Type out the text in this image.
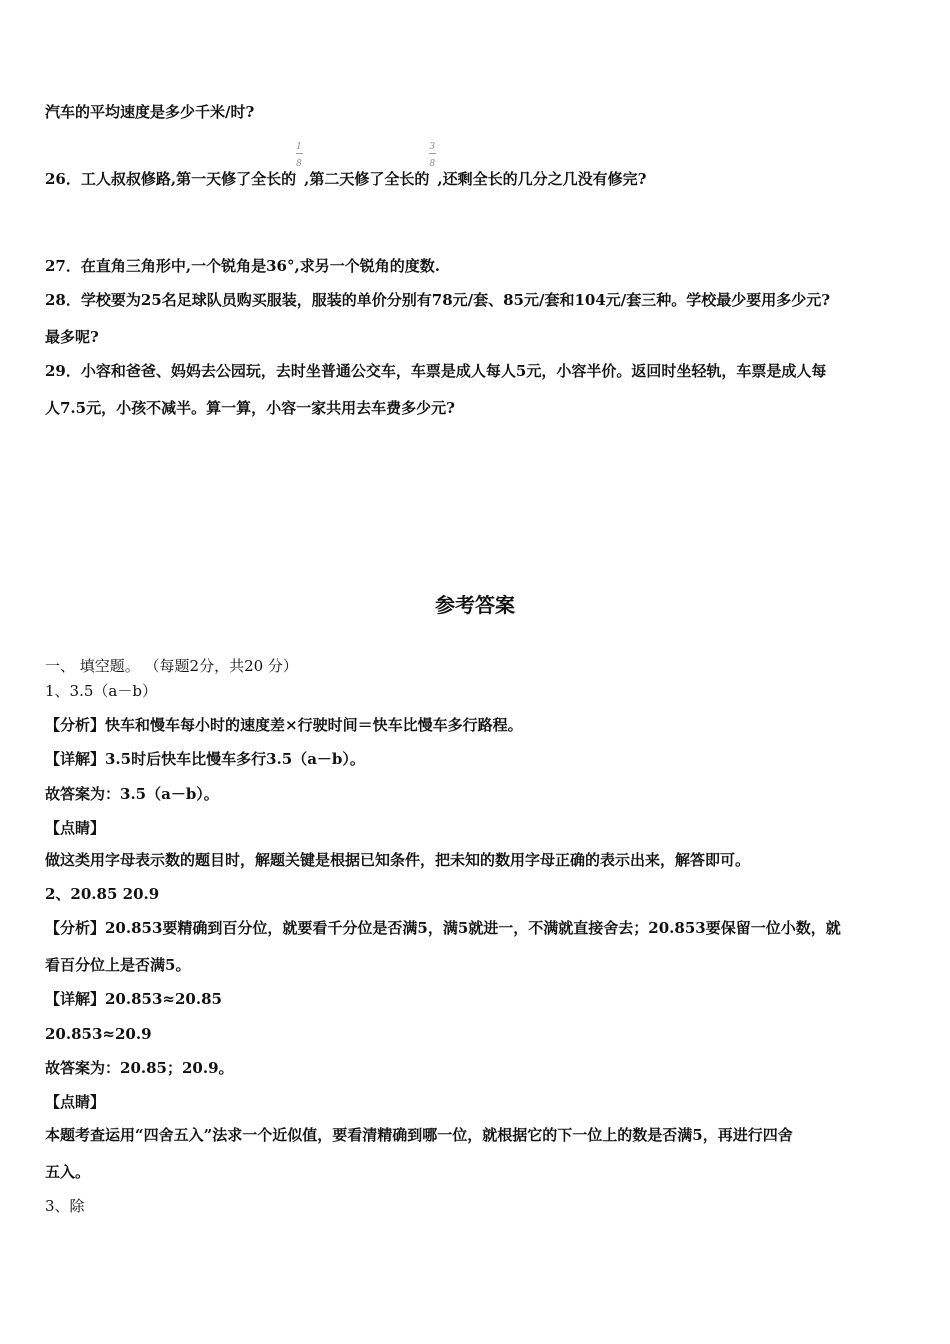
汽车的平均速度是多少千米/时?
26．工人叔叔修路,第一天修了全长的 $\frac{1}{8}$ ,第二天修了全长的 $\frac{3}{8}$ ,还剩全长的几分之几没有修完?
27．在直角三角形中,一个锐角是36°,求另一个锐角的度数.
28．学校要为25名足球队员购买服装，服装的单价分别有78元/套、85元/套和104元/套三种。学校最少要用多少元?
最多呢?
29．小容和爸爸、妈妈去公园玩，去时坐普通公交车，车票是成人每人5元，小容半价。返回时坐轻轨，车票是成人每
人7.5元，小孩不减半。算一算，小容一家共用去车费多少元?
参考答案
一、 填空题。 （每题2分，共20 分）
1、3.5（a－b）
【分析】快车和慢车每小时的速度差×行驶时间＝快车比慢车多行路程。
【详解】3.5时后快车比慢车多行3.5（a－b）。
故答案为：3.5（a－b）。
【点睛】
做这类用字母表示数的题目时，解题关键是根据已知条件，把未知的数用字母正确的表示出来，解答即可。
2、20.85 20.9
【分析】20.853要精确到百分位，就要看千分位是否满5，满5就进一，不满就直接舍去；20.853要保留一位小数，就
看百分位上是否满5。
【详解】20.853≈20.85
20.853≈20.9
故答案为：20.85；20.9。
【点睛】
本题考查运用“四舍五入”法求一个近似值，要看清精确到哪一位，就根据它的下一位上的数是否满5，再进行四舍
五入。
3、除
